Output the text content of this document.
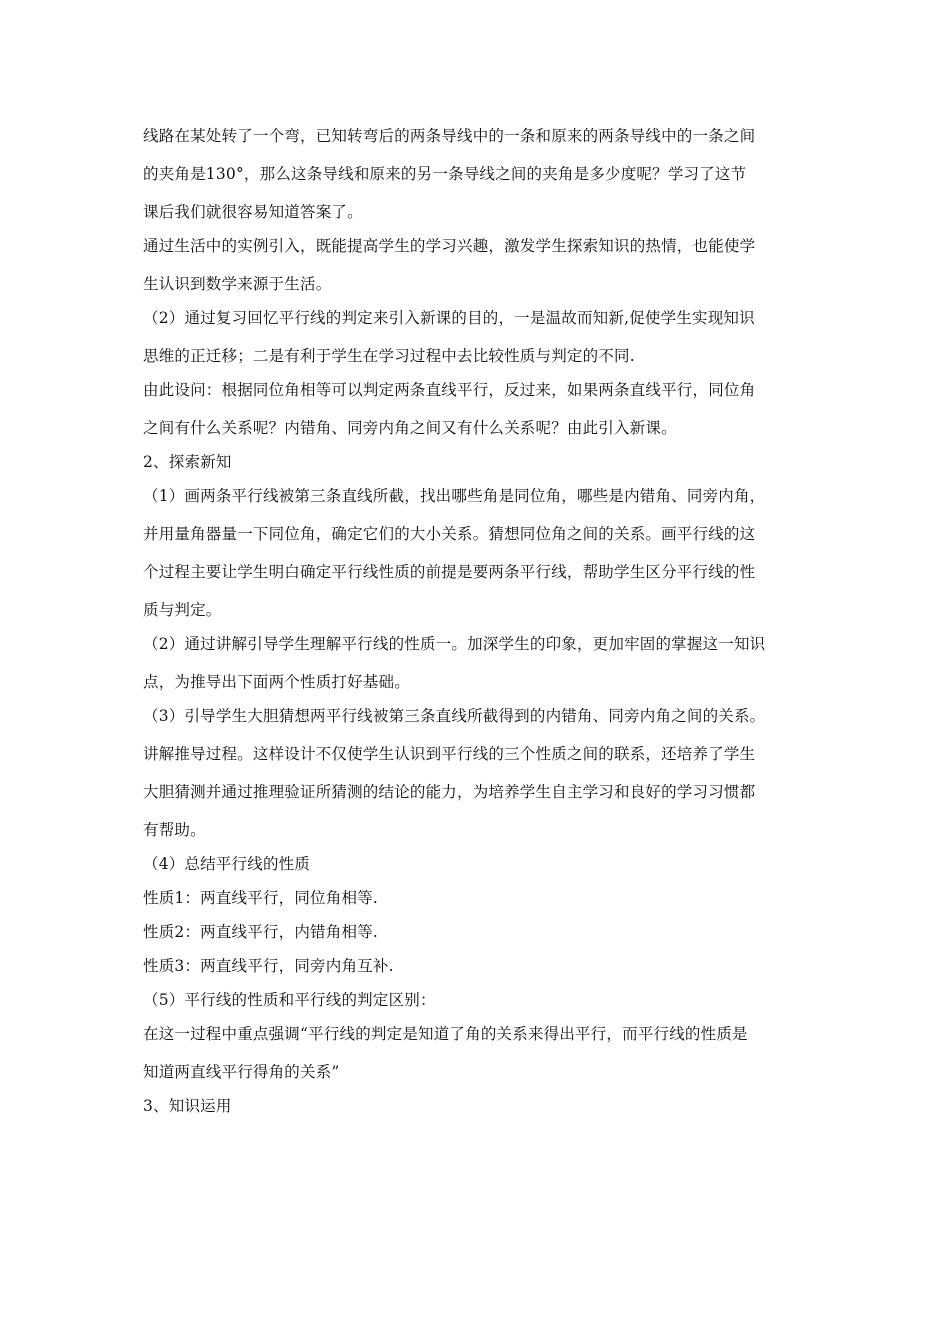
线路在某处转了一个弯，已知转弯后的两条导线中的一条和原来的两条导线中的一条之间
的夹角是130°，那么这条导线和原来的另一条导线之间的夹角是多少度呢？学习了这节
课后我们就很容易知道答案了。
通过生活中的实例引入，既能提高学生的学习兴趣，激发学生探索知识的热情，也能使学
生认识到数学来源于生活。
（2）通过复习回忆平行线的判定来引入新课的目的，一是温故而知新,促使学生实现知识
思维的正迁移；二是有利于学生在学习过程中去比较性质与判定的不同.
由此设问：根据同位角相等可以判定两条直线平行，反过来，如果两条直线平行，同位角
之间有什么关系呢？内错角、同旁内角之间又有什么关系呢？由此引入新课。
2、探索新知
（1）画两条平行线被第三条直线所截，找出哪些角是同位角，哪些是内错角、同旁内角，
并用量角器量一下同位角，确定它们的大小关系。猜想同位角之间的关系。画平行线的这
个过程主要让学生明白确定平行线性质的前提是要两条平行线，帮助学生区分平行线的性
质与判定。
（2）通过讲解引导学生理解平行线的性质一。加深学生的印象，更加牢固的掌握这一知识
点，为推导出下面两个性质打好基础。
（3）引导学生大胆猜想两平行线被第三条直线所截得到的内错角、同旁内角之间的关系。
讲解推导过程。这样设计不仅使学生认识到平行线的三个性质之间的联系，还培养了学生
大胆猜测并通过推理验证所猜测的结论的能力，为培养学生自主学习和良好的学习习惯都
有帮助。
（4）总结平行线的性质
性质1：两直线平行，同位角相等.
性质2：两直线平行，内错角相等.
性质3：两直线平行，同旁内角互补.
（5）平行线的性质和平行线的判定区别：
在这一过程中重点强调“平行线的判定是知道了角的关系来得出平行，而平行线的性质是
知道两直线平行得角的关系”
3、知识运用
